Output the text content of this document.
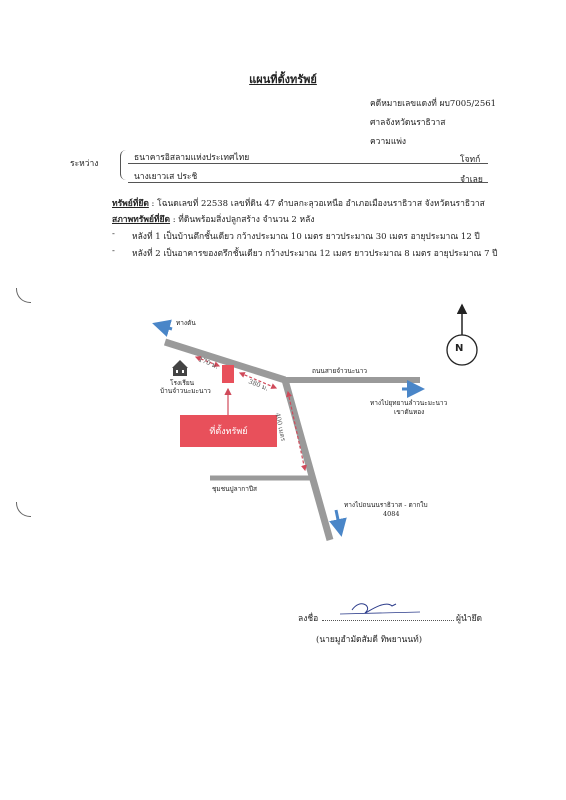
แผนที่ตั้งทรัพย์
คดีหมายเลขแดงที่ ผบ7005/2561
ศาลจังหวัดนราธิวาส
ความแพ่ง
ระหว่าง
ธนาคารอิสลามแห่งประเทศไทย	โจทก์
นางเยาวเส ประชิ	จำเลย
ทรัพย์ที่ยึด : โฉนดเลขที่ 22538 เลขที่ดิน 47 ตำบลกะลุวอเหนือ อำเภอเมืองนราธิวาส จังหวัดนราธิวาส
สภาพทรัพย์ที่ยึด : ที่ดินพร้อมสิ่งปลูกสร้าง จำนวน 2 หลัง
- หลังที่ 1 เป็นบ้านตึกชั้นเดียว กว้างประมาณ 10 เมตร ยาวประมาณ 30 เมตร อายุประมาณ 12 ปี
- หลังที่ 2 เป็นอาคารของตรึกชั้นเดียว กว้างประมาณ 12 เมตร ยาวประมาณ 8 เมตร อายุประมาณ 7 ปี
ทางตัน
โรงเรียน
บ้านจำวนะมะนาว
170 ม.
380 ม.
400 เมตร
ถนนสายจำวนะนาว
ทางไปยุทยานลำวนะมะนาว
เขาตันหอง
ที่ตั้งทรัพย์
ชุมชนปูลากาปีส
ทางไปถนนนราธิวาส - ตากใบ
4084
N
ลงชื่อ	ผู้นำยึด
(นายมูฮำมัดสัมดี ทิพยานนท์)
